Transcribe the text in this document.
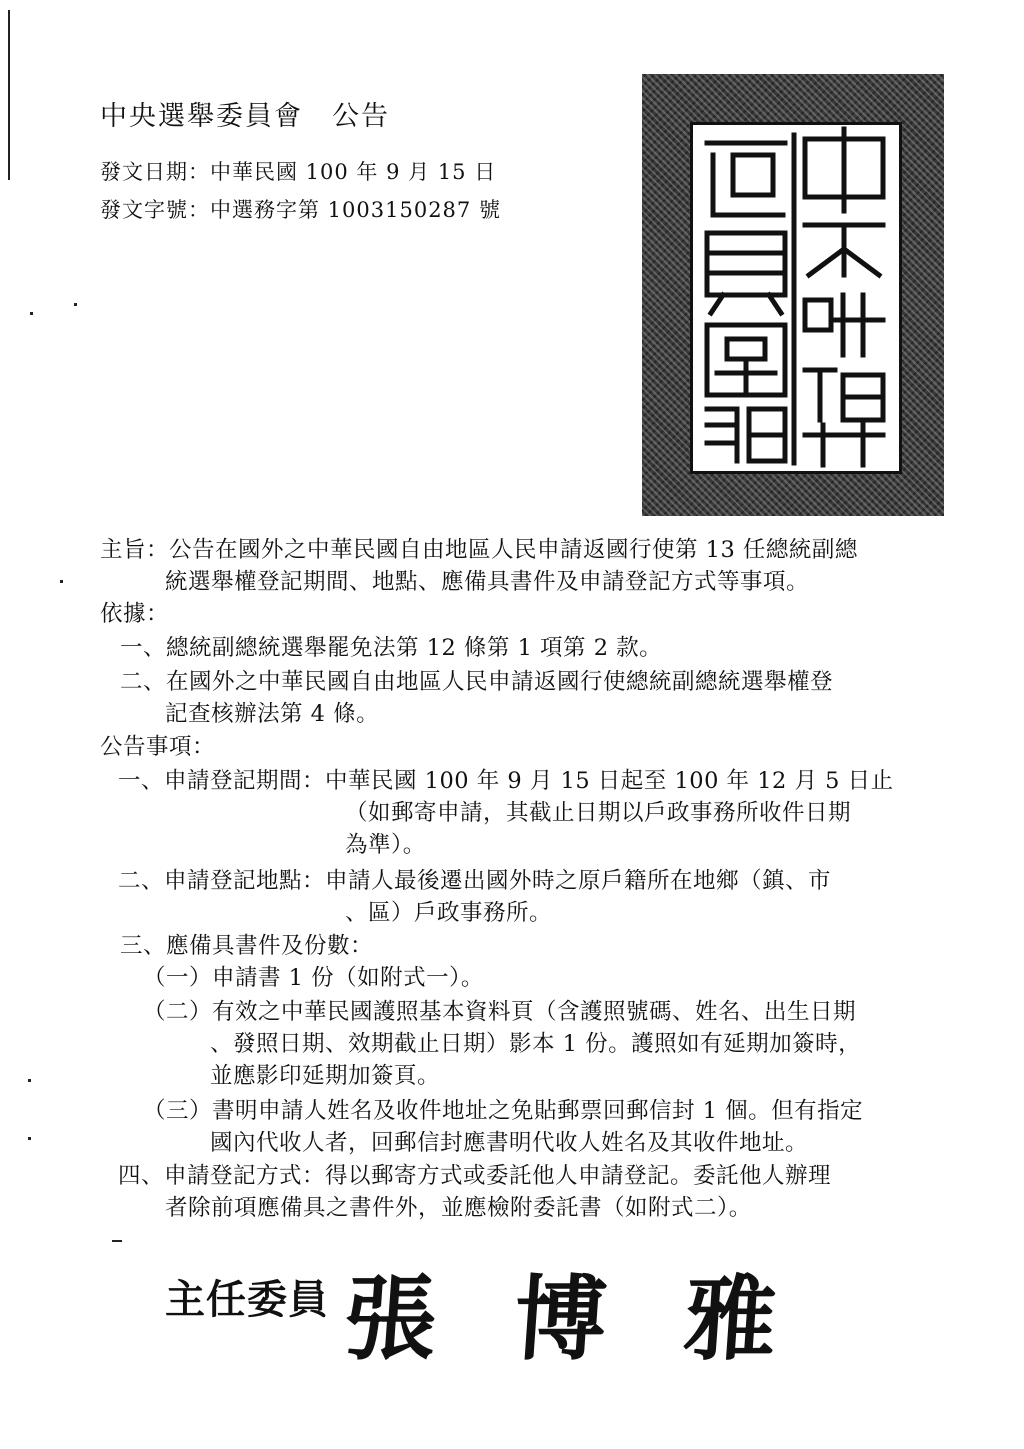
中央選舉委員會　公告
發文日期：中華民國 100 年 9 月 15 日
發文字號：中選務字第 1003150287 號
主旨：公告在國外之中華民國自由地區人民申請返國行使第 13 任總統副總
統選舉權登記期間、地點、應備具書件及申請登記方式等事項。
依據：
一、總統副總統選舉罷免法第 12 條第 1 項第 2 款。
二、在國外之中華民國自由地區人民申請返國行使總統副總統選舉權登
記查核辦法第 4 條。
公告事項：
一、申請登記期間：中華民國 100 年 9 月 15 日起至 100 年 12 月 5 日止
（如郵寄申請，其截止日期以戶政事務所收件日期
為準）。
二、申請登記地點：申請人最後遷出國外時之原戶籍所在地鄉（鎮、市
、區）戶政事務所。
三、應備具書件及份數：
（一）申請書 1 份（如附式一）。
（二）有效之中華民國護照基本資料頁（含護照號碼、姓名、出生日期
、發照日期、效期截止日期）影本 1 份。護照如有延期加簽時，
並應影印延期加簽頁。
（三）書明申請人姓名及收件地址之免貼郵票回郵信封 1 個。但有指定
國內代收人者，回郵信封應書明代收人姓名及其收件地址。
四、申請登記方式：得以郵寄方式或委託他人申請登記。委託他人辦理
者除前項應備具之書件外，並應檢附委託書（如附式二）。
主任委員 張博雅
